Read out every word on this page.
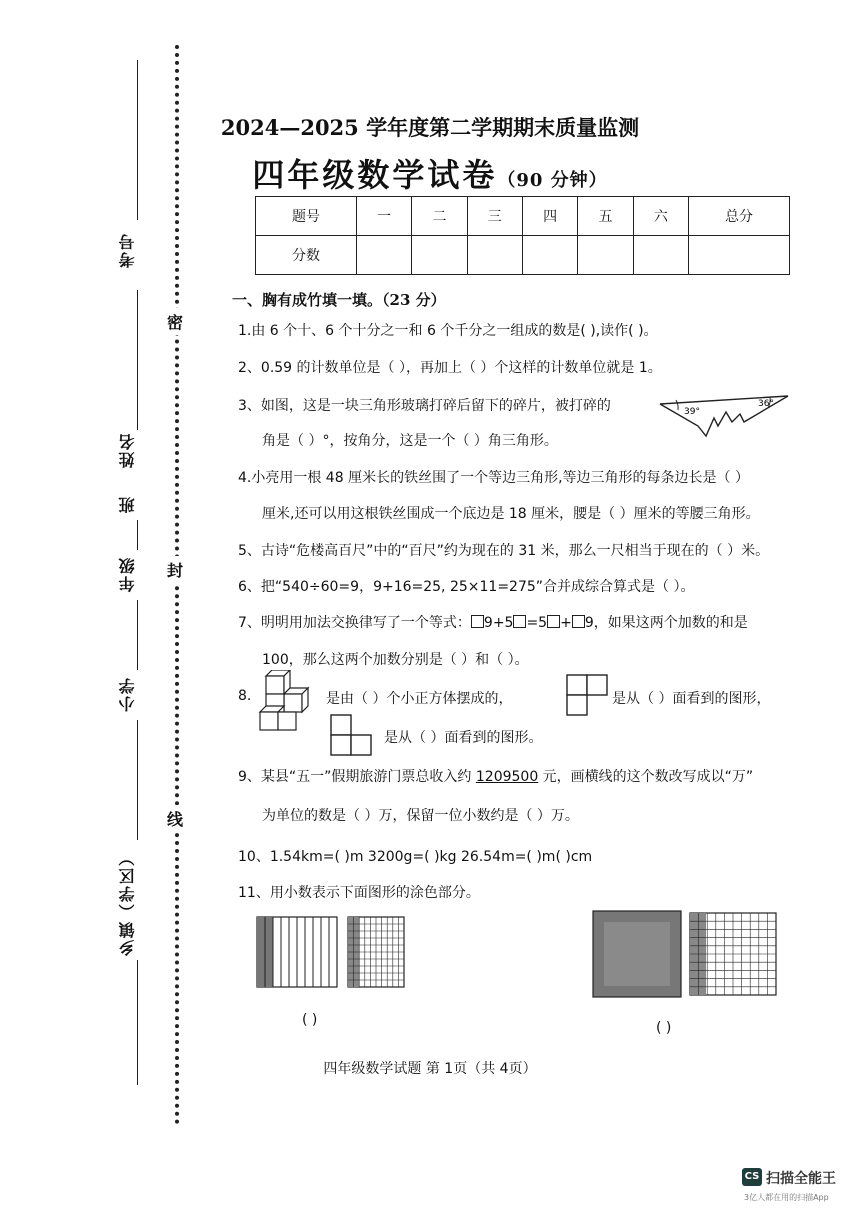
考号
姓名
班
年级
小学
乡镇（学区）
密
封
线
2024—2025 学年度第二学期期末质量监测
四年级数学试卷（90 分钟）
题号	一	二	三	四	五	六	总分
分数							
一、胸有成竹填一填。（23 分）
1.由 6 个十、6 个十分之一和 6 个千分之一组成的数是( ),读作( )。
2、0.59 的计数单位是（ ），再加上（ ）个这样的计数单位就是 1。
3、如图，这是一块三角形玻璃打碎后留下的碎片，被打碎的
角是（ ）°，按角分，这是一个（ ）角三角形。
39°
36°
4.小亮用一根 48 厘米长的铁丝围了一个等边三角形,等边三角形的每条边长是（ ）
厘米,还可以用这根铁丝围成一个底边是 18 厘米，腰是（ ）厘米的等腰三角形。
5、古诗“危楼高百尺”中的“百尺”约为现在的 31 米，那么一尺相当于现在的（ ）米。
6、把“540÷60=9，9+16=25, 25×11=275”合并成综合算式是（ ）。
7、明明用加法交换律写了一个等式： 9+5 =5 + 9，如果这两个加数的和是
100，那么这两个加数分别是（ ）和（ ）。
8.	是由（ ）个小正方体摆成的，	是从（ ）面看到的图形，
是从（ ）面看到的图形。
9、某县“五一”假期旅游门票总收入约 1209500 元，画横线的这个数改写成以“万”
为单位的数是（ ）万，保留一位小数约是（ ）万。
10、1.54km=( )m 3200g=( )kg 26.54m=( )m( )cm
11、用小数表示下面图形的涂色部分。
( )	( )
四年级数学试题 第 1页（共 4页）
CS 扫描全能王
3亿人都在用的扫描App
